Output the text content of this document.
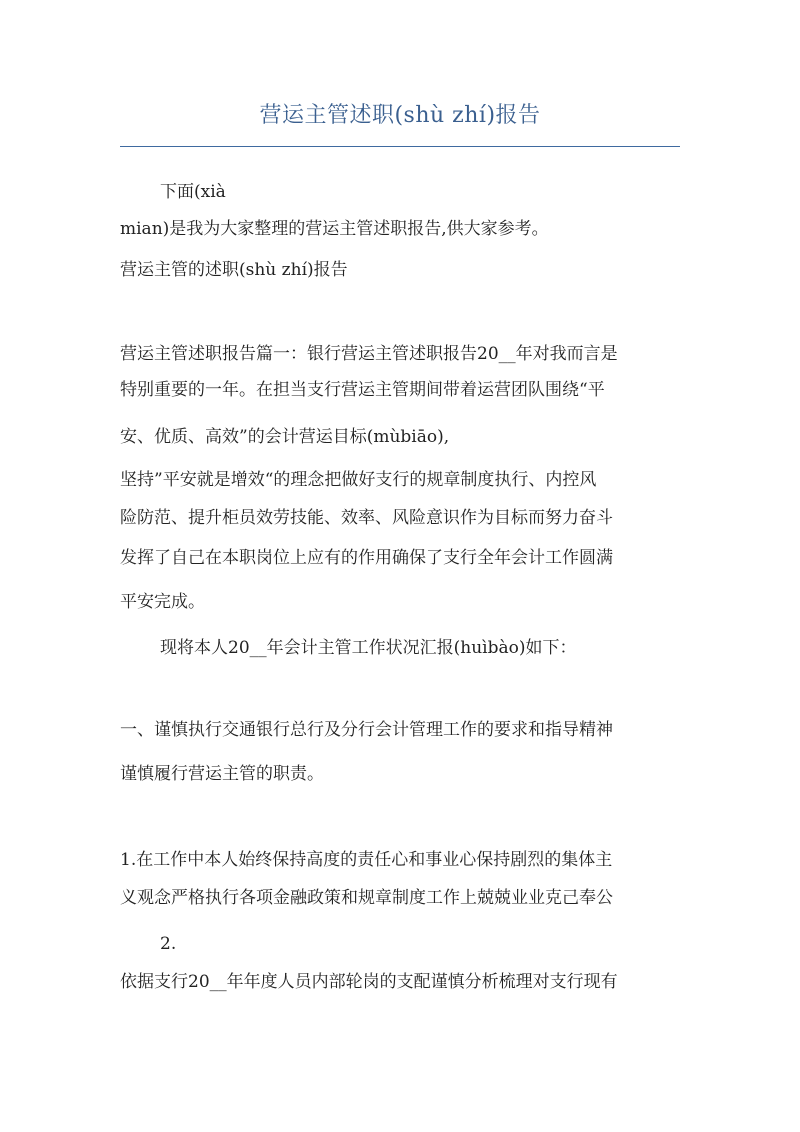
营运主管述职(shù zhí)报告
下面(xià
mian)是我为大家整理的营运主管述职报告,供大家参考。
营运主管的述职(shù zhí)报告
营运主管述职报告篇一：银行营运主管述职报告20__年对我而言是
特别重要的一年。在担当支行营运主管期间带着运营团队围绕“平
安、优质、高效”的会计营运目标(mùbiāo),
坚持”平安就是增效“的理念把做好支行的规章制度执行、内控风
险防范、提升柜员效劳技能、效率、风险意识作为目标而努力奋斗
发挥了自己在本职岗位上应有的作用确保了支行全年会计工作圆满
平安完成。
现将本人20__年会计主管工作状况汇报(huìbào)如下：
一、谨慎执行交通银行总行及分行会计管理工作的要求和指导精神
谨慎履行营运主管的职责。
1.在工作中本人始终保持高度的责任心和事业心保持剧烈的集体主
义观念严格执行各项金融政策和规章制度工作上兢兢业业克己奉公
2.
依据支行20__年年度人员内部轮岗的支配谨慎分析梳理对支行现有
